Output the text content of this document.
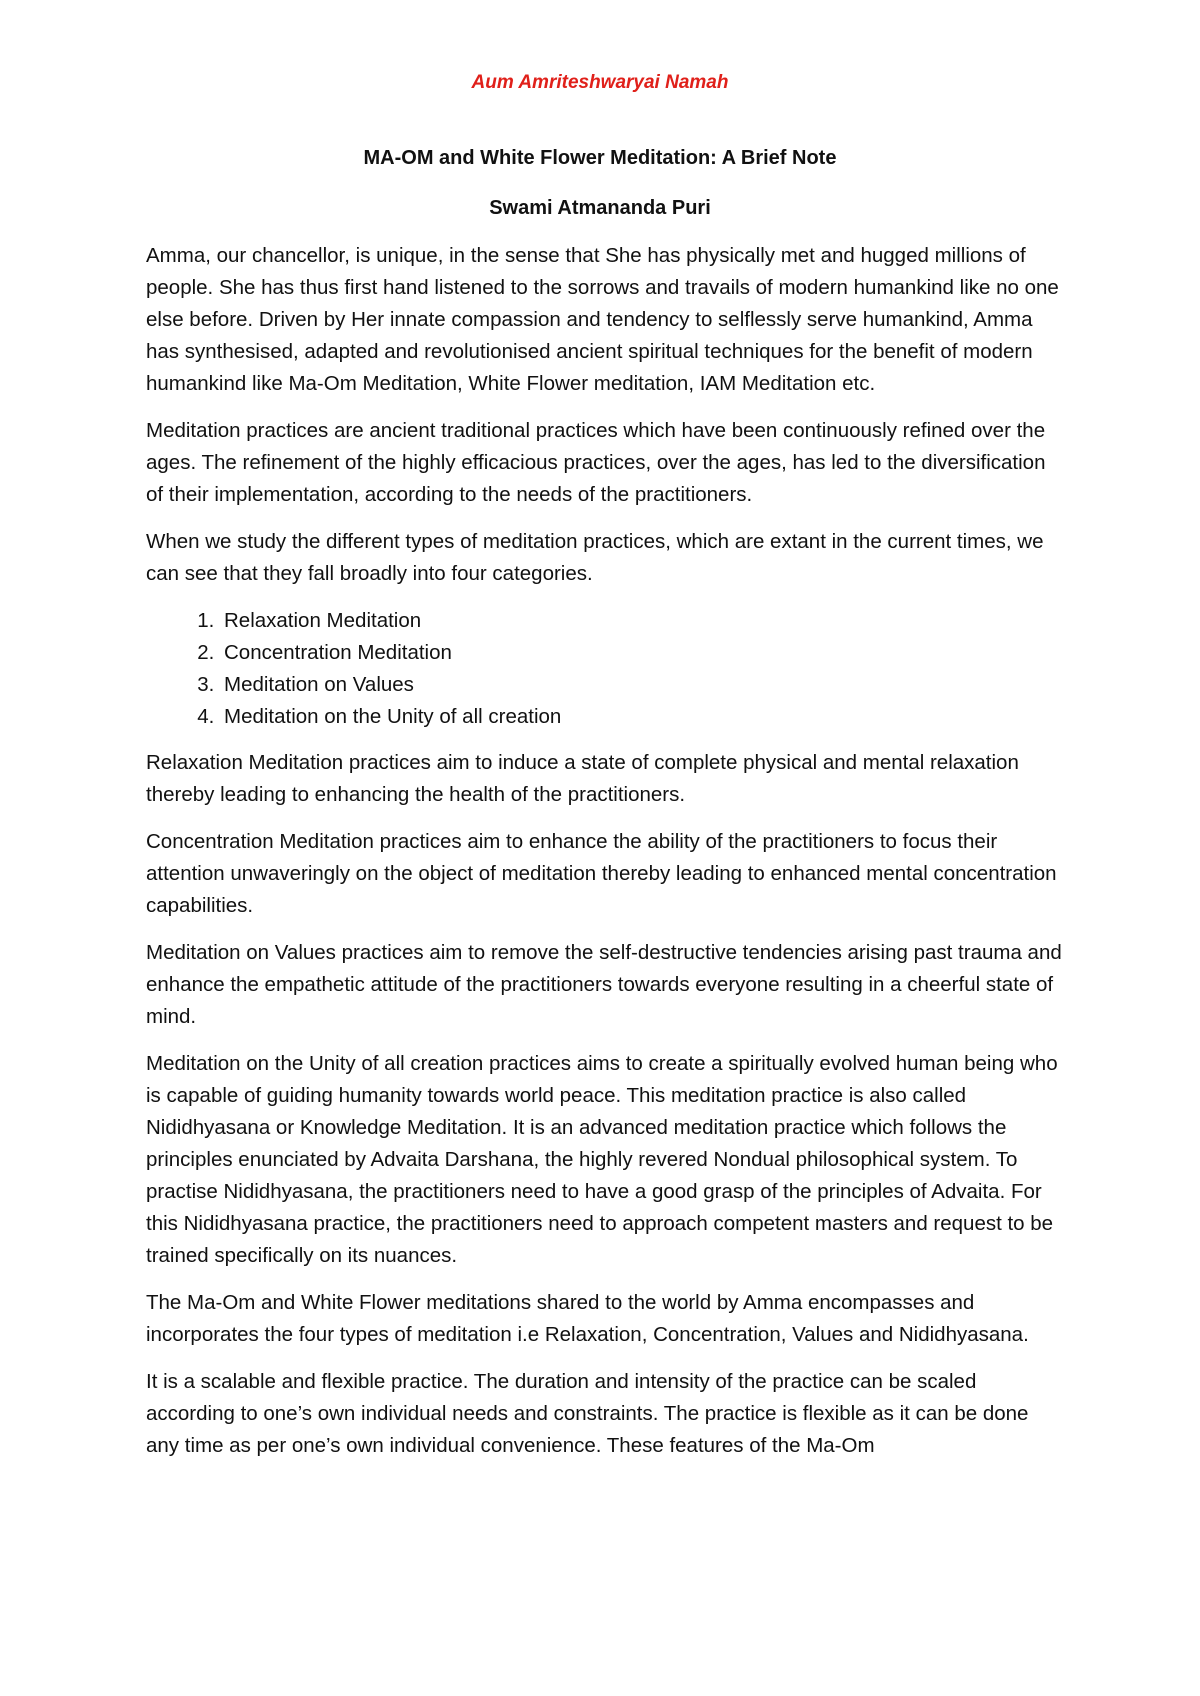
Aum Amriteshwaryai Namah
MA-OM and White Flower Meditation: A Brief Note
Swami Atmananda Puri

Amma, our chancellor, is unique, in the sense that She has physically met and hugged millions of people. She has thus first hand listened to the sorrows and travails of modern humankind like no one else before. Driven by Her innate compassion and tendency to selflessly serve humankind, Amma has synthesised, adapted and revolutionised ancient spiritual techniques for the benefit of modern humankind like Ma-Om Meditation, White Flower meditation, IAM Meditation etc.

Meditation practices are ancient traditional practices which have been continuously refined over the ages. The refinement of the highly efficacious practices, over the ages, has led to the diversification of their implementation, according to the needs of the practitioners.

When we study the different types of meditation practices, which are extant in the current times, we can see that they fall broadly into four categories.

1. Relaxation Meditation
2. Concentration Meditation
3. Meditation on Values
4. Meditation on the Unity of all creation

Relaxation Meditation practices aim to induce a state of complete physical and mental relaxation thereby leading to enhancing the health of the practitioners.

Concentration Meditation practices aim to enhance the ability of the practitioners to focus their attention unwaveringly on the object of meditation thereby leading to enhanced mental concentration capabilities.

Meditation on Values practices aim to remove the self-destructive tendencies arising past trauma and enhance the empathetic attitude of the practitioners towards everyone resulting in a cheerful state of mind.

Meditation on the Unity of all creation practices aims to create a spiritually evolved human being who is capable of guiding humanity towards world peace. This meditation practice is also called Nididhyasana or Knowledge Meditation. It is an advanced meditation practice which follows the principles enunciated by Advaita Darshana, the highly revered Nondual philosophical system. To practise Nididhyasana, the practitioners need to have a good grasp of the principles of Advaita. For this Nididhyasana practice, the practitioners need to approach competent masters and request to be trained specifically on its nuances.

The Ma-Om and White Flower meditations shared to the world by Amma encompasses and incorporates the four types of meditation i.e Relaxation, Concentration, Values and Nididhyasana.

It is a scalable and flexible practice. The duration and intensity of the practice can be scaled according to one’s own individual needs and constraints. The practice is flexible as it can be done any time as per one’s own individual convenience. These features of the Ma-Om
